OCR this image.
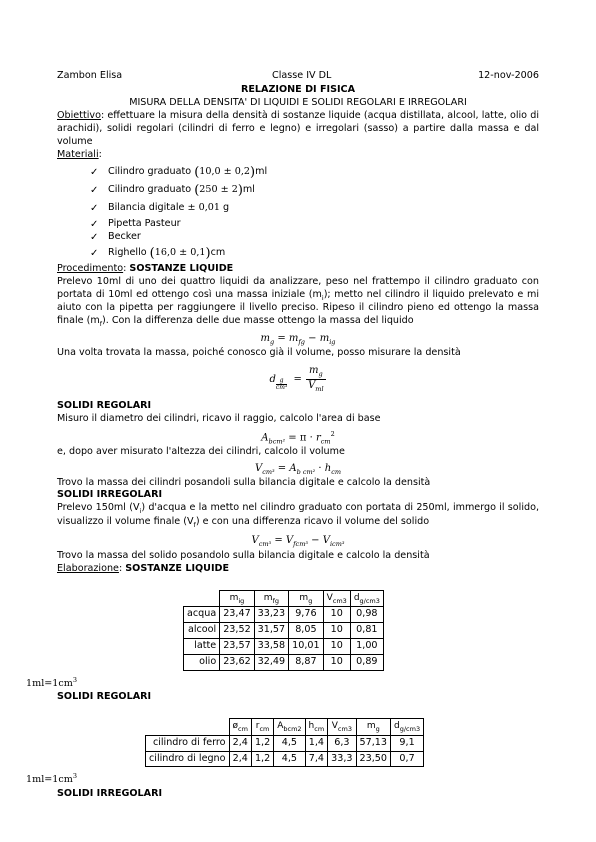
Zambon Elisa	Classe IV DL	12-nov-2006
RELAZIONE DI FISICA
MISURA DELLA DENSITA' DI LIQUIDI E SOLIDI REGOLARI E IRREGOLARI

Obiettivo: effettuare la misura della densità di sostanze liquide (acqua distillata, alcool, latte, olio di arachidi), solidi regolari (cilindri di ferro e legno) e irregolari (sasso) a partire dalla massa e dal volume

Materiali:
✓ Cilindro graduato
( 10,0 ± 0,2 ) ml
✓ Cilindro graduato
( 250 ± 2 ) ml
✓ Bilancia digitale
± 0,01
g
✓ Pipetta Pasteur
✓ Becker
✓ Righello
( 16,0 ± 0,1 ) cm
Procedimento: SOSTANZE LIQUIDE

Prelevo 10ml di uno dei quattro liquidi da analizzare, peso nel frattempo il cilindro graduato con portata di 10ml ed ottengo così una massa iniziale $(m_i)$; metto nel cilindro il liquido prelevato e mi aiuto con la pipetta per raggiungere il livello preciso. Ripeso il cilindro pieno ed ottengo la massa finale $(m_f)$. Con la differenza delle due masse ottengo la massa del liquido

$m_g = m_{fg} - m_{ig}$

Una volta trovata la massa, poiché conosco già il volume, posso misurare la densità

d g
cm³
= $\frac{m_g}{V_{ml}}$
SOLIDI REGOLARI

Misuro il diametro dei cilindri, ricavo il raggio, calcolo l'area di base

$A_{bcm^2} = \pi \cdot r_{cm}^2$

e, dopo aver misurato l'altezza dei cilindri, calcolo il volume

$V_{cm^3} = A_{b cm^2} \cdot h_{cm}$

Trovo la massa dei cilindri posandoli sulla bilancia digitale e calcolo la densità

SOLIDI IRREGOLARI

Prelevo 150ml $(V_i)$ d'acqua e la metto nel cilindro graduato con portata di 250ml, immergo il solido, visualizzo il volume finale $(V_f)$ e con una differenza ricavo il volume del solido

$V_{cm^3} = V_{fcm^3} - V_{icm^3}$

Trovo la massa del solido posandolo sulla bilancia digitale e calcolo la densità

Elaborazione: SOSTANZE LIQUIDE
	$m_{ig}$	$m_{fg}$	$m_g$	$V_{cm3}$	$d_{g/cm3}$
acqua	23,47	33,23	9,76	10	0,98
alcool	23,52	31,57	8,05	10	0,81
latte	23,57	33,58	10,01	10	1,00
olio	23,62	32,49	8,87	10	0,89
$1ml=1cm^3$
SOLIDI REGOLARI
	$ø_{cm}$	$r_{cm}$	$A_{bcm2}$	$h_{cm}$	$V_{cm3}$	$m_g$	$d_{g/cm3}$
cilindro di ferro	2,4	1,2	4,5	1,4	6,3	57,13	9,1
cilindro di legno	2,4	1,2	4,5	7,4	33,3	23,50	0,7
$1ml=1cm^3$
SOLIDI IRREGOLARI
